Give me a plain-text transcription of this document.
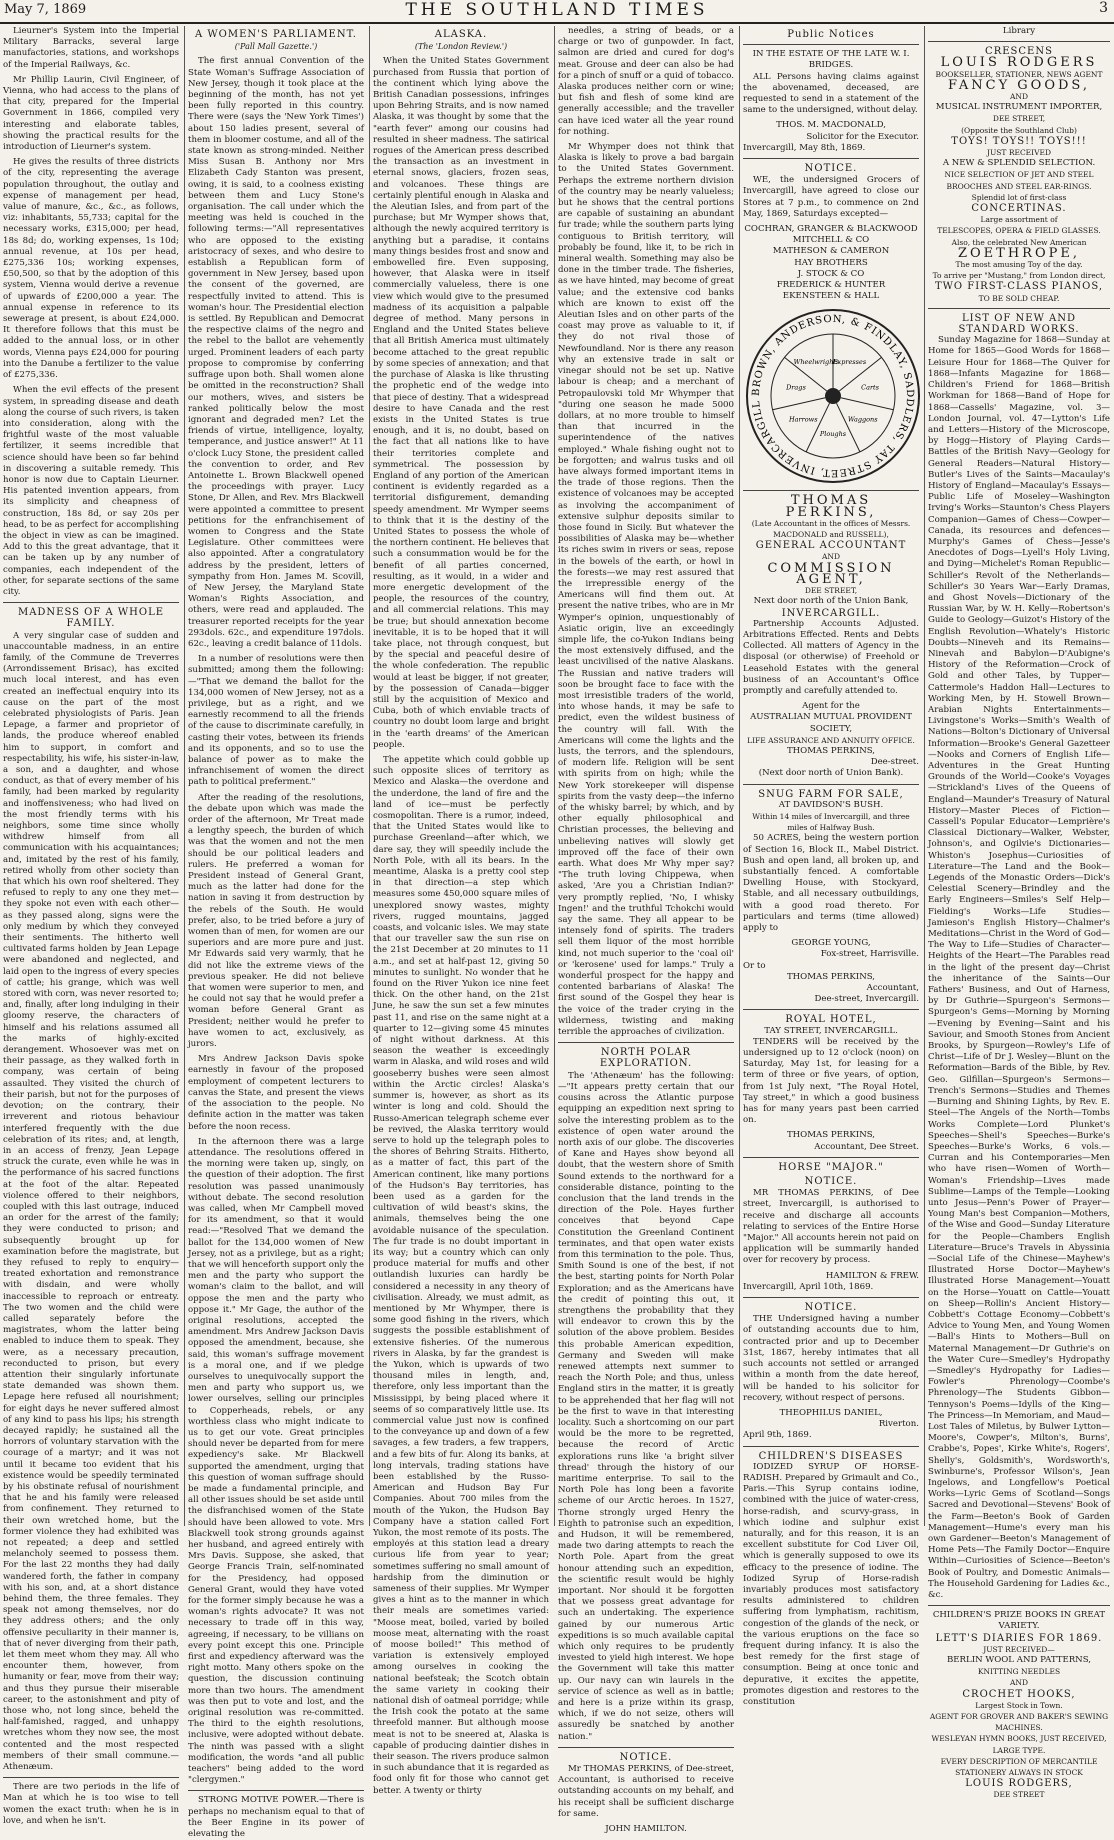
May 7, 1869	THE SOUTHLAND TIMES	3

Lieurner's System into the Imperial Military Barracks, several large manufactories, stations, and workshops of the Imperial Railways, &c.

Mr Phillip Laurin, Civil Engineer, of Vienna, who had access to the plans of that city, prepared for the Imperial Government in 1866, compiled very interesting and elaborate tables, showing the practical results for the introduction of Lieurner's system.

He gives the results of three districts of the city, representing the average population throughout, the outlay and expense of management per head, value of manure, &c., &c., as follows, viz: inhabitants, 55,733; capital for the necessary works, £315,000; per head, 18s 8d; do, working expenses, 1s 10d; annual revenue, at 10s per head, £275,336 10s; working expenses, £50,500, so that by the adoption of this system, Vienna would derive a revenue of upwards of £200,000 a year. The annual expense in reference to its sewerage at present, is about £24,000. It therefore follows that this must be added to the annual loss, or in other words, Vienna pays £24,000 for pouring into the Danube a fertilizer to the value of £275,336.

When the evil effects of the present system, in spreading disease and death along the course of such rivers, is taken into consideration, along with the frightful waste of the most valuable fertilizer, it seems incredible that science should have been so far behind in discovering a suitable remedy. This honor is now due to Captain Lieurner. His patented invention appears, from its simplicity and cheapness of construction, 18s 8d, or say 20s per head, to be as perfect for accomplishing the object in view as can be imagined. Add to this the great advantage, that it can be taken up by any number of companies, each independent of the other, for separate sections of the same city.

MADNESS OF A WHOLE FAMILY.

A very singular case of sudden and unaccountable madness, in an entire family, of the Commune de Treverres (Arrondissement Brisac), has excited much local interest, and has even created an ineffectual enquiry into its cause on the part of the most celebrated physiologists of Paris. Jean Lepage, a farmer and proprietor of lands, the produce whereof enabled him to support, in comfort and respectability, his wife, his sister-in-law, a son, and a daughter, and whose conduct, as that of every member of his family, had been marked by regularity and inoffensiveness; who had lived on the most friendly terms with his neighbors, some time since wholly withdrew himself from all communication with his acquaintances; and, imitated by the rest of his family, retired wholly from other society than that which his own roof sheltered. They refused to reply to any one they met—they spoke not even with each other—as they passed along, signs were the only medium by which they conveyed their sentiments. The hitherto well cultivated farms holden by Jean Lepage were abandoned and neglected, and laid open to the ingress of every species of cattle; his grange, which was well stored with corn, was never resorted to; and, finally, after long indulging in their gloomy reserve, the characters of himself and his relations assumed all the marks of highly-excited derangement. Whosoever was met on their passage, as they walked forth in company, was certain of being assaulted. They visited the church of their parish, but not for the purposes of devotion; on the contrary, their irreverent and riotous behaviour interfered frequently with the due celebration of its rites; and, at length, in an access of frenzy, Jean Lepage struck the curate, even while he was in the performance of his sacred functions at the foot of the altar. Repeated violence offered to their neighbors, coupled with this last outrage, induced an order for the arrest of the family; they were conducted to prison; and subsequently brought up for examination before the magistrate, but they refused to reply to enquiry—treated exhortation and remonstrance with disdain, and were wholly inaccessible to reproach or entreaty. The two women and the child were called separately before the magistrates, whom the latter being enabled to induce them to speak. They were, as a necessary precaution, reconducted to prison, but every attention their singularly infortunate state demanded was shown them. Lepage here refused all nourishment; for eight days he never suffered almost of any kind to pass his lips; his strength decayed rapidly; he sustained all the horrors of voluntary starvation with the courage of a martyr; and it was not until it became too evident that his existence would be speedily terminated by his obstinate refusal of nourishment that he and his family were released from confinement. They returned to their own wretched home, but the former violence they had exhibited was not repeated; a deep and settled melancholy seemed to possess them. For the last 22 months they had daily wandered forth, the father in company with his son, and, at a short distance behind them, the three females. They speak not among themselves, nor do they address others; and the only offensive peculiarity in their manner is, that of never diverging from their path, let them meet whom they may. All who encounter them, however, from humanity or fear, move from their way; and thus they pursue their miserable career, to the astonishment and pity of those who, not long since, beheld the half-famished, ragged, and unhappy wretches whom they now see, the most contented and the most respected members of their small commune.—Athenæum.

There are two periods in the life of Man at which he is too wise to tell women the exact truth: when he is in love, and when he isn't.

A WOMEN'S PARLIAMENT.
('Pall Mall Gazette.')

The first annual Convention of the State Woman's Suffrage Association of New Jersey, though it took place at the beginning of the month, has not yet been fully reported in this country. There were (says the 'New York Times') about 150 ladies present, several of them in bloomer costume, and all of the state known as strong-minded. Neither Miss Susan B. Anthony nor Mrs Elizabeth Cady Stanton was present, owing, it is said, to a coolness existing between them and Lucy Stone's organisation. The call under which the meeting was held is couched in the following terms:—"All representatives who are opposed to the existing aristocracy of sexes, and who desire to establish a Republican form of government in New Jersey, based upon the consent of the governed, are respectfully invited to attend. This is woman's hour. The Presidential election is settled. By Republican and Democrat the respective claims of the negro and the rebel to the ballot are vehemently urged. Prominent leaders of each party propose to compromise by conferring suffrage upon both. Shall women alone be omitted in the reconstruction? Shall our mothers, wives, and sisters be ranked politically below the most ignorant and degraded men? Let the friends of virtue, intelligence, loyalty, temperance, and justice answer!" At 11 o'clock Lucy Stone, the president called the convention to order, and Rev Antoinette L. Brown Blackwell opened the proceedings with prayer. Lucy Stone, Dr Allen, and Rev. Mrs Blackwell were appointed a committee to present petitions for the enfranchisement of women to Congress and the State Legislature. Other committees were also appointed. After a congratulatory address by the president, letters of sympathy from Hon. James M. Scovill, of New Jersey, the Maryland State Woman's Rights Association, and others, were read and applauded. The treasurer reported receipts for the year 293dols. 62c., and expenditure 197dols. 62c., leaving a credit balance of 11dols.

In a number of resolutions were then submitted; among them the following:—"That we demand the ballot for the 134,000 women of New Jersey, not as a privilege, but as a right, and we earnestly recommend to all the friends of the cause to discriminate carefully, in casting their votes, between its friends and its opponents, and so to use the balance of power as to make the infranchisement of women the direct path to political preferment."

After the reading of the resolutions, the debate upon which was made the order of the afternoon, Mr Treat made a lengthy speech, the burden of which was that the women and not the men should be our political leaders and rulers. He preferred a woman for President instead of General Grant, much as the latter had done for the nation in saving it from destruction by the rebels of the South. He would prefer, also, to be tried before a jury of women than of men, for women are our superiors and are more pure and just. Mr Edwards said very warmly, that he did not like the extreme views of the previous speaker. He did not believe that women were superior to men, and he could not say that he would prefer a woman before General Grant as President; neither would he prefer to have women to act, exclusively, as jurors.

Mrs Andrew Jackson Davis spoke earnestly in favour of the proposed employment of competent lecturers to canvas the State, and present the views of the association to the people. No definite action in the matter was taken before the noon recess.

In the afternoon there was a large attendance. The resolutions offered in the morning were taken up, singly, on the question of their adoption. The first resolution was passed unanimously without debate. The second resolution was called, when Mr Campbell moved for its amendment, so that it would read:—"Resolved That we demand the ballot for the 134,000 women of New Jersey, not as a privilege, but as a right; that we will henceforth support only the men and the party who support the woman's claim to the ballot, and will oppose the men and the party who oppose it." Mr Gage, the author of the original resolutions, accepted the amendment. Mrs Andrew Jackson Davis opposed the amendment, because, she said, this woman's suffrage movement is a moral one, and if we pledge ourselves to unequivocally support the men and party who support us, we lower ourselves, selling our principles to Copperheads, rebels, or any worthless class who might indicate to us to get our vote. Great principles should never be departed from for mere expediency's sake. Mr Blackwell supported the amendment, urging that this question of woman suffrage should be made a fundamental principle, and all other issues should be set aside until the disfranchised women of the State should have been allowed to vote. Mrs Blackwell took strong grounds against her husband, and agreed entirely with Mrs Davis. Suppose, she asked, that George Francis Train, self-nominated for the Presidency, had opposed General Grant, would they have voted for the former simply because he was a woman's rights advocate? It was not necessary to trade off in this way, agreeing, if necessary, to be villians on every point except this one. Principle first and expediency afterward was the right motto. Many others spoke on the question, the discussion continuing more than two hours. The amendment was then put to vote and lost, and the original resolution was re-committed. The third to the eighth resolutions, inclusive, were adopted without debate. The ninth was passed with a slight modification, the words "and all public teachers" being added to the word "clergymen."

STRONG MOTIVE POWER.—There is perhaps no mechanism equal to that of the Beer Engine in its power of elevating the

ALASKA.
(The 'London Review.')

When the United States Government purchased from Russia that portion of the continent which lying above the British Canadian possessions, infringes upon Behring Straits, and is now named Alaska, it was thought by some that the "earth fever" among our cousins had resulted in sheer madness. The satirical rogues of the American press described the transaction as an investment in eternal snows, glaciers, frozen seas, and volcanoes. These things are certainly plentiful enough in Alaska and the Aleutian Isles, and from part of the purchase; but Mr Wymper shows that, although the newly acquired territory is anything but a paradise, it contains many things besides frost and snow and embowelled fire. Even supposing, however, that Alaska were in itself commercially valueless, there is one view which would give to the presumed madness of its acquisition a palpable degree of method. Many persons in England and the United States believe that all British America must ultimately become attached to the great republic by some species of annexation; and that the purchase of Alaska is like thrusting the prophetic end of the wedge into that piece of destiny. That a widespread desire to have Canada and the rest exists in the United States is true enough, and it is, no doubt, based on the fact that all nations like to have their territories complete and symmetrical. The possession by England of any portion of the American continent is evidently regarded as a territorial disfigurement, demanding speedy amendment. Mr Wymper seems to think that it is the destiny of the United States to possess the whole of the northern continent. He believes that such a consummation would be for the benefit of all parties concerned, resulting, as it would, in a wider and more energetic development of the people, the resources of the country, and all commercial relations. This may be true; but should annexation become inevitable, it is to be hoped that it will take place, not through conquest, but by the special and peaceful desire of the whole confederation. The republic would at least be bigger, if not greater, by the possession of Canada—bigger still by the acquisition of Mexico and Cuba, both of which enviable tracts of country no doubt loom large and bright in the 'earth dreams' of the American people.

The appetite which could gobble up such opposite slices of territory as Mexico and Alaska—the overdone and the underdone, the land of fire and the land of ice—must be perfectly cosmopolitan. There is a rumor, indeed, that the United States would like to purchase Greenland—after which, we dare say, they will speedily include the North Pole, with all its bears. In the meantime, Alaska is a pretty cool step in that direction—a step which measures some 450,000 square miles of unexplored snowy wastes, mighty rivers, rugged mountains, jagged coasts, and volcanic isles. We may state that our traveller saw the sun rise on the 21st December at 20 minutes to 11 a.m., and set at half-past 12, giving 50 minutes to sunlight. No wonder that he found on the River Yukon ice nine feet thick. On the other hand, on the 21st June, he saw the sun set a few minutes past 11, and rise on the same night at a quarter to 12—giving some 45 minutes of night without darkness. At this season the weather is exceedingly warm in Alaska, and wild roses and wild gooseberry bushes were seen almost within the Arctic circles! Alaska's summer is, however, as short as its winter is long and cold. Should the Russo-American telegraph scheme ever be revived, the Alaska territory would serve to hold up the telegraph poles to the shores of Behring Straits. Hitherto, as a matter of fact, this part of the American continent, like many portions of the Hudson's Bay territories, has been used as a garden for the cultivation of wild beast's skins, the animals, themselves being the one avoidable nuisance of the speculation. The fur trade is no doubt important in its way; but a country which can only produce material for muffs and other outlandish luxuries can hardly be considered a necessity in any theory of civilisation. Already, we must admit, as mentioned by Mr Whymper, there is some good fishing in the rivers, which suggests the possible establishment of extensive fisheries. Of the numerous rivers in Alaska, by far the grandest is the Yukon, which is upwards of two thousand miles in length, and, therefore, only less important than the Mississippi, by being placed where it seems of so comparatively little use. Its commercial value just now is confined to the conveyance up and down of a few savages, a few traders, a few trappers, and a few bits of fur. Along its banks, at long intervals, trading stations have been established by the Russo-American and Hudson Bay Fur Companies. About 700 miles from the mouth of the Yukon, the Hudson Bay Company have a station called Fort Yukon, the most remote of its posts. The employés at this station lead a dreary curious life from year to year; sometimes suffering no small amount of hardship from the diminution or sameness of their supplies. Mr Wymper gives a hint as to the manner in which their meals are sometimes varied: "Moose meat, boiled, varied by boiled moose meat, alternating with the roast of moose boiled!" This method of variation is extensively employed among ourselves in cooking the national beefsteak; the Scotch obtain the same variety in cooking their national dish of oatmeal porridge; while the Irish cook the potato at the same threefold manner. But although moose meat is not to be sneered at, Alaska is capable of producing daintier dishes in their season. The rivers produce salmon in such abundance that it is regarded as food only fit for those who cannot get better. A twenty or thirty

needles, a string of beads, or a charge or two of gunpowder. In fact, salmon are dried and cured for dog's meat. Grouse and deer can also be had for a pinch of snuff or a quid of tobacco. Alaska produces neither corn or wine; but fish and flesh of some kind are generally accessible; and the traveller can have iced water all the year round for nothing.

Mr Whymper does not think that Alaska is likely to prove a bad bargain to the United States Government. Perhaps the extreme northern division of the country may be nearly valueless; but he shows that the central portions are capable of sustaining an abundant fur trade; while the southern parts lying contiguous to British territory, will probably be found, like it, to be rich in mineral wealth. Something may also be done in the timber trade. The fisheries, as we have hinted, may become of great value; and the extensive cod banks which are known to exist off the Aleutian Isles and on other parts of the coast may prove as valuable to it, if they do not rival those of Newfoundland. Nor is there any reason why an extensive trade in salt or vinegar should not be set up. Native labour is cheap; and a merchant of Petropaulovski told Mr Whymper that "during one season he made 5000 dollars, at no more trouble to himself than that incurred in the superintendence of the natives employed." Whale fishing ought not to be forgotten; and walrus tusks and oil have always formed important items in the trade of those regions. Then the existence of volcanoes may be accepted as involving the accompaniment of extensive sulphur deposits similar to those found in Sicily. But whatever the possibilities of Alaska may be—whether its riches swim in rivers or seas, repose in the bowels of the earth, or howl in the forests—we may rest assured that the irrepressible energy of the Americans will find them out. At present the native tribes, who are in Mr Wymper's opinion, unquestionably of Asiatic origin, live an exceedingly simple life, the co-Yukon Indians being the most extensively diffused, and the least uncivilised of the native Alaskans. The Russian and native traders will soon be brought face to face with the most irresistible traders of the world, into whose hands, it may be safe to predict, even the wildest business of the country will fall. With the Americans will come the lights and the lusts, the terrors, and the splendours, of modern life. Religion will be sent with spirits from on high; while the New York storekeeper will dispense spirits from the vasty deep—the inferno of the whisky barrel; by which, and by other equally philosophical and Christian processes, the believing and unbelieving natives will slowly get improved off the face of their own earth. What does Mr Why mper say? "The truth loving Chippewa, when asked, 'Are you a Christian Indian?' very promptly replied, 'No, I whisky Ingen!' and the truthful Tchokchi would say the same. They all appear to be intensely fond of spirits. The traders sell them liquor of the most horrible kind, not much superior to the 'coal oil' or 'kerosene' used for lamps." Truly a wonderful prospect for the happy and contented barbarians of Alaska! The first sound of the Gospel they hear is the voice of the trader crying in the wilderness, twisting and making terrible the approaches of civilization.

NORTH POLAR EXPLORATION.

The 'Athenæum' has the following:—"It appears pretty certain that our cousins across the Atlantic purpose equipping an expedition next spring to solve the interesting problem as to the existence of open water around the north axis of our globe. The discoveries of Kane and Hayes show beyond all doubt, that the western shore of Smith Sound extends to the northward for a considerable distance, pointing to the conclusion that the land trends in the direction of the Pole. Hayes further conceives that beyond Cape Constitution the Greenland Continent terminates, and that open water exists from this termination to the pole. Thus, Smith Sound is one of the best, if not the best, starting points for North Polar Exploration; and as the Americans have the credit of pointing this out, it strengthens the probability that they will endeavor to crown this by the solution of the above problem. Besides this probable American expedition, Germany and Sweden will make renewed attempts next summer to reach the North Pole; and thus, unless England stirs in the matter, it is greatly to be apprehended that her flag will not be the first to wave in that interesting locality. Such a shortcoming on our part would be the more to be regretted, because the record of Arctic explorations runs like 'a bright silver thread' through the history of our maritime enterprise. To sail to the North Pole has long been a favorite scheme of our Arctic heroes. In 1527, Thorne strongly urged Henry the Eighth to patronise such an expedition, and Hudson, it will be remembered, made two daring attempts to reach the North Pole. Apart from the great honour attending such an expedition, the scientific result would be highly important. Nor should it be forgotten that we possess great advantage for such an undertaking. The experience gained by our numerous Artic expeditions is so much available capital which only requires to be prudently invested to yield high interest. We hope the Government will take this matter up. Our navy can win laurels in the service of science as well as in battle; and here is a prize within its grasp, which, if we do not seize, others will assuredly be snatched by another nation."

NOTICE.

Mr THOMAS PERKINS, of Dee-street, Accountant, is authorised to receive outstanding accounts on my behalf, and his receipt shall be sufficient discharge for same.

JOHN HAMILTON.
Public Notices
IN THE ESTATE OF THE LATE W. I. BRIDGES.

ALL Persons having claims against the abovenamed, deceased, are requested to send in a statement of the same to the undersigned, without delay.

THOS. M. MACDONALD,
Solicitor for the Executor.
Invercargill, May 8th, 1869.
NOTICE.

WE, the undersigned Grocers of Invercargill, have agreed to close our Stores at 7 p.m., to commence on 2nd May, 1869, Saturdays excepted—

COCHRAN, GRANGER & BLACKWOOD
MITCHELL & CO
MATHESON & CAMERON
HAY BROTHERS
J. STOCK & CO
FREDERICK & HUNTER
EKENSTEEN & HALL
Expresses
Carts
Waggons
Ploughs
Harrows
Drags
Wheelwrights
BROWN, ANDERSON, & FINDLAY, SADDLERS, TAY STREET, INVERCARGILL
THOMAS PERKINS,
(Late Accountant in the offices of Messrs. MACDONALD and RUSSELL),
GENERAL ACCOUNTANT
AND
COMMISSION AGENT,
DEE STREET,
Next door north of the Union Bank,
INVERCARGILL.

Partnership Accounts Adjusted. Arbitrations Effected. Rents and Debts Collected. All matters of Agency in the disposal (or otherwise) of Freehold or Leasehold Estates with the general business of an Accountant's Office promptly and carefully attended to.

Agent for the
AUSTRALIAN MUTUAL PROVIDENT SOCIETY,
LIFE ASSURANCE AND ANNUITY OFFICE.
THOMAS PERKINS,
Dee-street.
(Next door north of Union Bank).
SNUG FARM FOR SALE,
AT DAVIDSON'S BUSH.
Within 14 miles of Invercargill, and three miles of Halfway Bush.

50 ACRES, being the western portion of Section 16, Block II., Mabel District. Bush and open land, all broken up, and substantially fenced. A comfortable Dwelling House, with Stockyard, Stable, and all necessary outbuildings, with a good road thereto. For particulars and terms (time allowed) apply to

GEORGE YOUNG,
Fox-street, Harrisville.
Or to
THOMAS PERKINS,
Accountant,
Dee-street, Invercargill.
ROYAL HOTEL,
TAY STREET, INVERCARGILL.

TENDERS will be received by the undersigned up to 12 o'clock (noon) on Saturday, May 1st, for leasing for a term of three or five years, of option, from 1st July next, "The Royal Hotel, Tay street," in which a good business has for many years past been carried on.

THOMAS PERKINS,
Accountant, Dee Street.
HORSE "MAJOR."
NOTICE.

MR THOMAS PERKINS, of Dee street, Invercargill, is authorised to receive and discharge all accounts relating to services of the Entire Horse "Major." All accounts herein not paid on application will be summarily handed over for recovery by process.

HAMILTON & FREW.
Invercargill, April 10th, 1869.
NOTICE.

THE Undersigned having a number of outstanding accounts due to him, contracted prior and up to December 31st, 1867, hereby intimates that all such accounts not settled or arranged within a month from the date hereof, will be handed to his solicitor for recovery, without respect of persons.

THEOPHILUS DANIEL,
Riverton.
April 9th, 1869.
CHILDREN'S DISEASES

IODIZED SYRUP OF HORSE-RADISH. Prepared by Grimault and Co., Paris.—This Syrup contains iodine, combined with the juice of water-cress, horse-radish, and scurvy-grass, in which iodine and sulphur exist naturally, and for this reason, it is an excellent substitute for Cod Liver Oil, which is generally supposed to owe its efficacy to the presence of iodine. The Iodized Syrup of Horse-radish invariably produces most satisfactory results administered to children suffering from lymphatism, rachitism, congestion of the glands of the neck, or the various eruptions on the face so frequent during infancy. It is also the best remedy for the first stage of consumption. Being at once tonic and depurative, it excites the appetite, promotes digestion and restores to the constitution

Library
CRESCENS
LOUIS RODGERS
BOOKSELLER, STATIONER, NEWS AGENT
FANCY GOODS,
AND
MUSICAL INSTRUMENT IMPORTER,
DEE STREET,
(Opposite the Southland Club)
TOYS! TOYS!! TOYS!!!
JUST RECEIVED
A NEW & SPLENDID SELECTION.
NICE SELECTION OF JET AND STEEL BROOCHES AND STEEL EAR-RINGS.
Splendid lot of first-class
CONCERTINAS.
Large assortment of
TELESCOPES, OPERA & FIELD GLASSES.
Also, the celebrated New American
ZOETHROPE,
The most amusing Toy of the day.
To arrive per "Mustang," from London direct,
TWO FIRST-CLASS PIANOS,
TO BE SOLD CHEAP.
LIST OF NEW AND STANDARD WORKS.

Sunday Magazine for 1868—Sunday at Home for 1865—Good Words for 1868—Leisure Hour for 1868—The Quiver for 1868—Infants Magazine for 1868—Children's Friend for 1868—British Workman for 1868—Band of Hope for 1868—Cassells' Magazine, vol. 3—London Journal, vol. 47—Lytton's Life and Letters—History of the Microscope, by Hogg—History of Playing Cards—Battles of the British Navy—Geology for General Readers—Natural History—Butler's Lives of the Saints—Macaulay's History of England—Macaulay's Essays—Public Life of Moseley—Washington Irving's Works—Staunton's Chess Players Companion—Games of Chess—Cowper—Canada, its resources and defences—Murphy's Games of Chess—Jesse's Anecdotes of Dogs—Lyell's Holy Living, and Dying—Michelet's Roman Republic—Schiller's Revolt of the Netherlands—Schiller's 30 Years War—Early Dramas, and Ghost Novels—Dictionary of the Russian War, by W. H. Kelly—Robertson's Guide to Geology—Guizot's History of the English Revolution—Whately's Historic Doubts—Nineveh and its Remains—Ninevah and Babylon—D'Aubigne's History of the Reformation—Crock of Gold and other Tales, by Tupper—Cattermole's Haddon Hall—Lectures to Working Men, by H. Stowell Brown—Arabian Nights Entertainments—Livingstone's Works—Smith's Wealth of Nations—Bolton's Dictionary of Universal Information—Brooke's General Gazetteer—Nooks and Corners of English Life—Adventures in the Great Hunting Grounds of the World—Cooke's Voyages—Strickland's Lives of the Queens of England—Maunder's Treasury of Natural History—Master Pieces of Fiction—Cassell's Popular Educator—Lemprière's Classical Dictionary—Walker, Webster, Johnson's, and Ogilvie's Dictionaries—Whiston's Josephus—Curiosities of Literature—The Land and the Book—Legends of the Monastic Orders—Dick's Celestial Scenery—Brindley and the Early Engineers—Smiles's Self Help—Fielding's Works—Life Studies—Jamieson's English History—Chalmer's Meditations—Christ in the Word of God—The Way to Life—Studies of Character—Heights of the Heart—The Parables read in the light of the present day—Christ the inheritance of the Saints—Our Fathers' Business, and Out of Harness, by Dr Guthrie—Spurgeon's Sermons—Spurgeon's Gems—Morning by Morning—Evening by Evening—Saint and his Saviour, and Smooth Stones from Ancient Brooks, by Spurgeon—Rowley's Life of Christ—Life of Dr J. Wesley—Blunt on the Reformation—Bards of the Bible, by Rev. Geo. Gilfillan—Spurgeon's Sermons—Trench's Sermons—Studies and Themes—Burning and Shining Lights, by Rev. E. Steel—The Angels of the North—Tombs Works Complete—Lord Plunket's Speeches—Sheil's Speeches—Burke's Speeches—Burke's Works, 6 vols.—Curran and his Contemporaries—Men who have risen—Women of Worth—Woman's Friendship—Lives made Sublime—Lamps of the Temple—Looking unto Jesus—Penn's Power of Prayer—Young Man's best Companion—Mothers, of the Wise and Good—Sunday Literature for the People—Chambers English Literature—Bruce's Travels in Abyssinia—Social Life of the Chinese—Mayhew's Illustrated Horse Doctor—Mayhew's Illustrated Horse Management—Youatt on the Horse—Youatt on Cattle—Youatt on Sheep—Rollin's Ancient History—Cobbett's Cottage Economy—Cobbett's Advice to Young Men, and Young Women—Ball's Hints to Mothers—Bull on Maternal Management—Dr Guthrie's on the Water Cure—Smedley's Hydropathy—Smedley's Hydropathy for Ladies—Fowler's Phrenology—Coombe's Phrenology—The Students Gibbon—Tennyson's Poems—Idylls of the King—The Princess—In Memoriam, and Maud—Lost Tales of Miletus, by Bulwer Lytton—Moore's, Cowper's, Milton's, Burns', Crabbe's, Popes', Kirke White's, Rogers', Shelly's, Goldsmith's, Wordsworth's, Swinburne's, Professor Wilson's, Jean Ingelows, and Longfellow's Poetical Works—Lyric Gems of Scotland—Songs Sacred and Devotional—Stevens' Book of the Farm—Beeton's Book of Garden Management—Hume's every man his own Gardener—Beeton's Management of Home Pets—The Family Doctor—Enquire Within—Curiosities of Science—Beeton's Book of Poultry, and Domestic Animals—The Household Gardening for Ladies &c., &c.

CHILDREN'S PRIZE BOOKS IN GREAT VARIETY.
LETT'S DIARIES FOR 1869.
JUST RECEIVED—
BERLIN WOOL AND PATTERNS,
KNITTING NEEDLES
AND
CROCHET HOOKS,
Largest Stock in Town.
AGENT FOR GROVER AND BAKER'S SEWING MACHINES.
WESLEYAN HYMN BOOKS, JUST RECEIVED, LARGE TYPE.
EVERY DESCRIPTION OF MERCANTILE STATIONERY ALWAYS IN STOCK
LOUIS RODGERS,
DEE STREET
